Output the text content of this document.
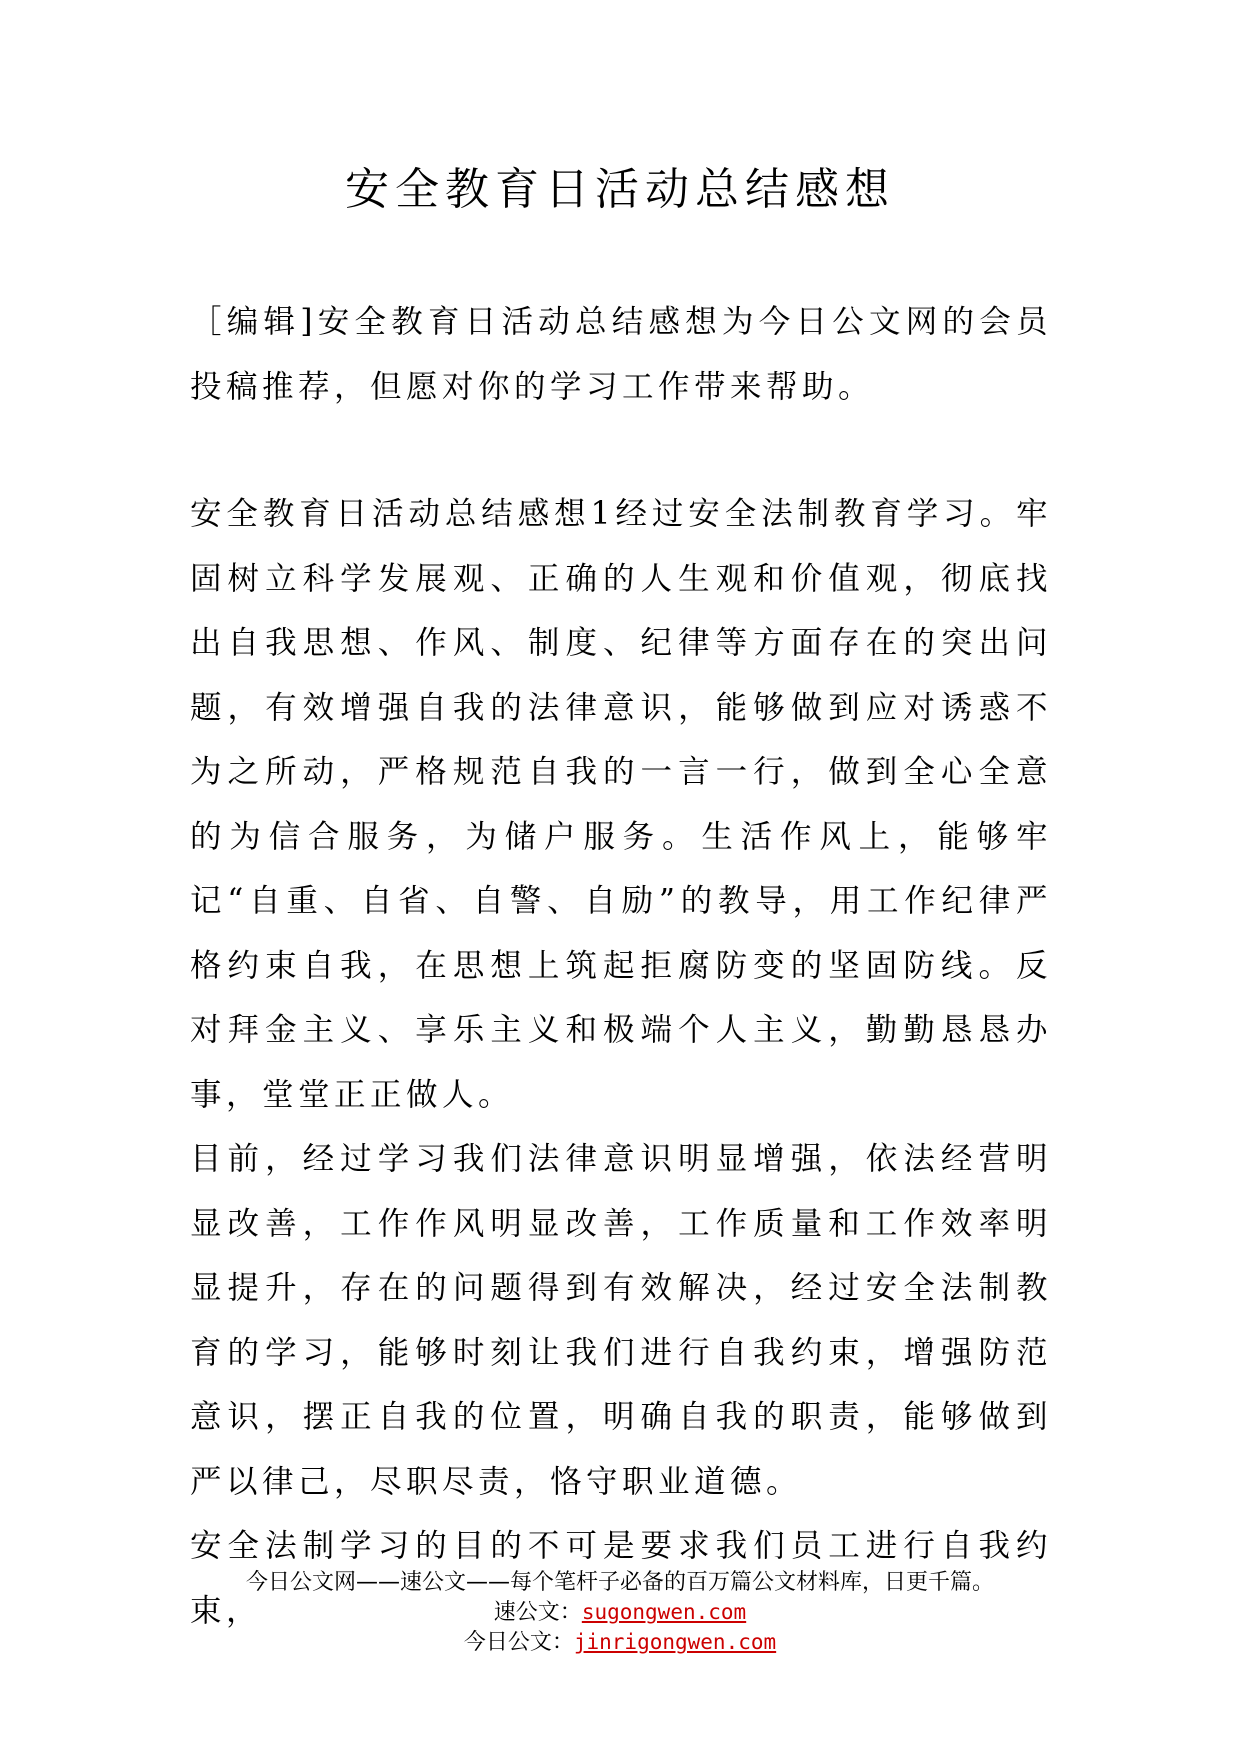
安全教育日活动总结感想

［编辑]安全教育日活动总结感想为今日公文网的会员投稿推荐，但愿对你的学习工作带来帮助。

安全教育日活动总结感想1经过安全法制教育学习。牢固树立科学发展观、正确的人生观和价值观，彻底找出自我思想、作风、制度、纪律等方面存在的突出问题，有效增强自我的法律意识，能够做到应对诱惑不为之所动，严格规范自我的一言一行，做到全心全意的为信合服务，为储户服务。生活作风上，能够牢记“自重、自省、自警、自励”的教导，用工作纪律严格约束自我，在思想上筑起拒腐防变的坚固防线。反对拜金主义、享乐主义和极端个人主义，勤勤恳恳办事，堂堂正正做人。

目前，经过学习我们法律意识明显增强，依法经营明显改善，工作作风明显改善，工作质量和工作效率明显提升，存在的问题得到有效解决，经过安全法制教育的学习，能够时刻让我们进行自我约束，增强防范意识，摆正自我的位置，明确自我的职责，能够做到严以律己，尽职尽责，恪守职业道德。

安全法制学习的目的不可是要求我们员工进行自我约束，

今日公文网——速公文——每个笔杆子必备的百万篇公文材料库，日更千篇。
速公文：sugongwen.com
今日公文：jinrigongwen.com
